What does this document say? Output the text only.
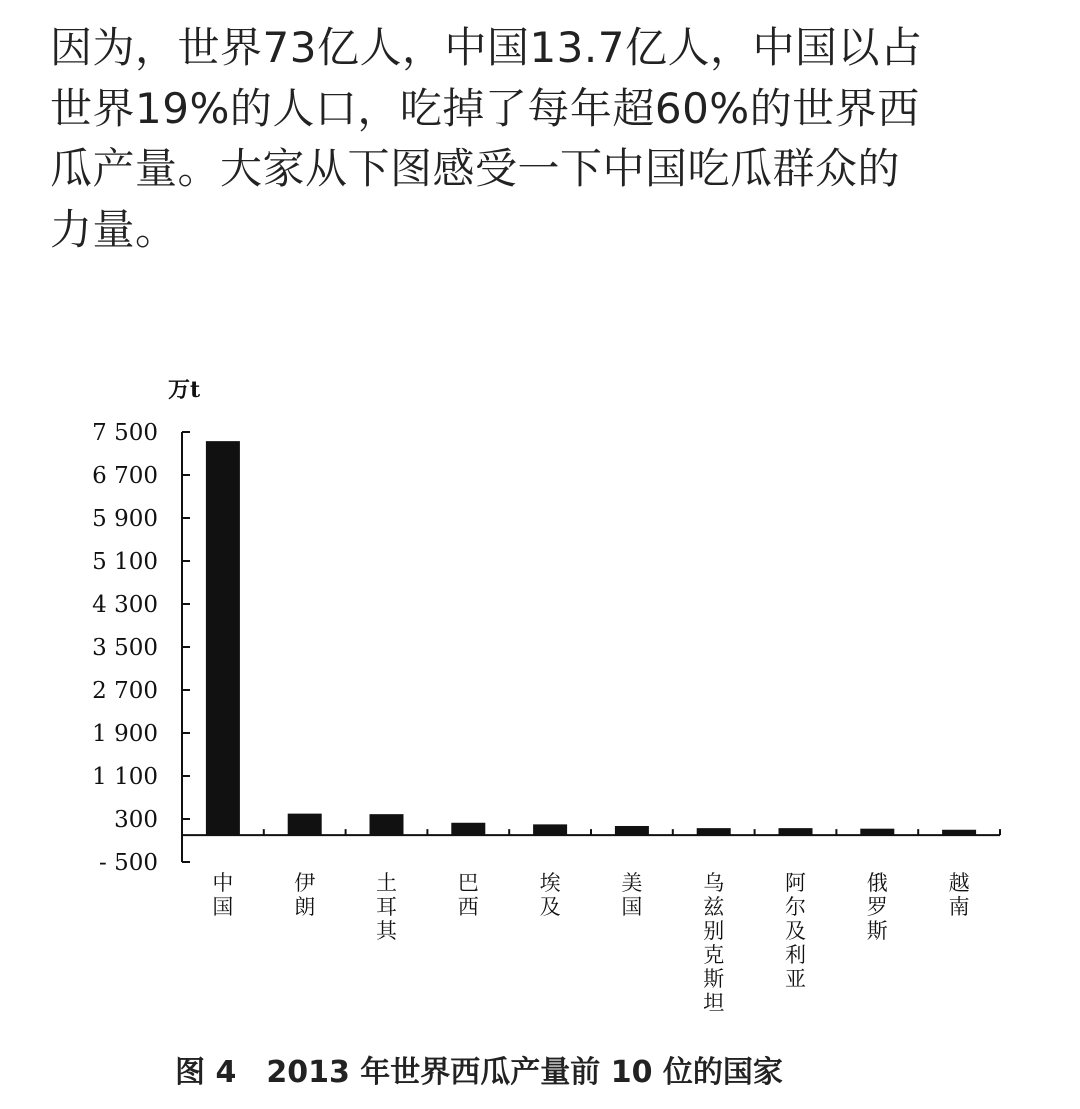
因为，世界73亿人，中国13.7亿人，中国以占
世界19%的人口，吃掉了每年超60%的世界西
瓜产量。大家从下图感受一下中国吃瓜群众的
力量。
万t
7 500
6 700
5 900
5 100
4 300
3 500
2 700
1 900
1 100
300
- 500
中国
伊朗
土耳其
巴西
埃及
美国
乌兹别克斯坦
阿尔及利亚
俄罗斯
越南
图 4　2013 年世界西瓜产量前 10 位的国家
